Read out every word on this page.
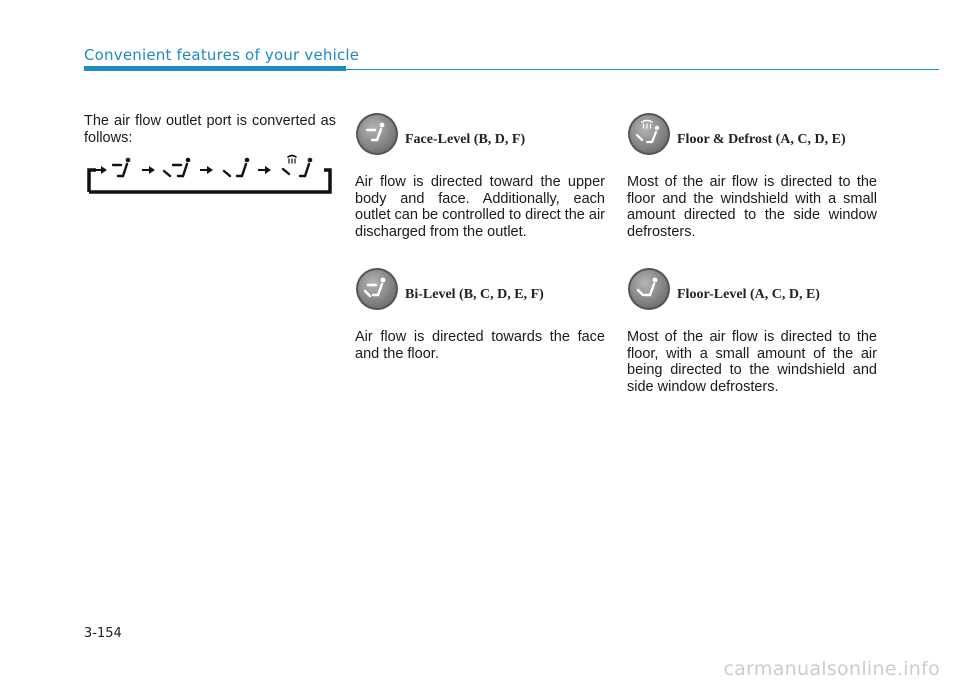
Convenient features of your vehicle
The air flow outlet port is converted as follows:	Face-Level (B, D, F)
Air flow is directed toward the upper body and face. Additionally, each outlet can be controlled to direct the air discharged from the outlet.
Floor & Defrost (A, C, D, E)
Most of the air flow is directed to the floor and the windshield with a small amount directed to the side window defrosters.
Bi-Level (B, C, D, E, F)
Air flow is directed towards the face and the floor.
Floor-Level (A, C, D, E)
Most of the air flow is directed to the floor, with a small amount of the air being directed to the windshield and side window defrosters.
3-154
carmanualsonline.info
